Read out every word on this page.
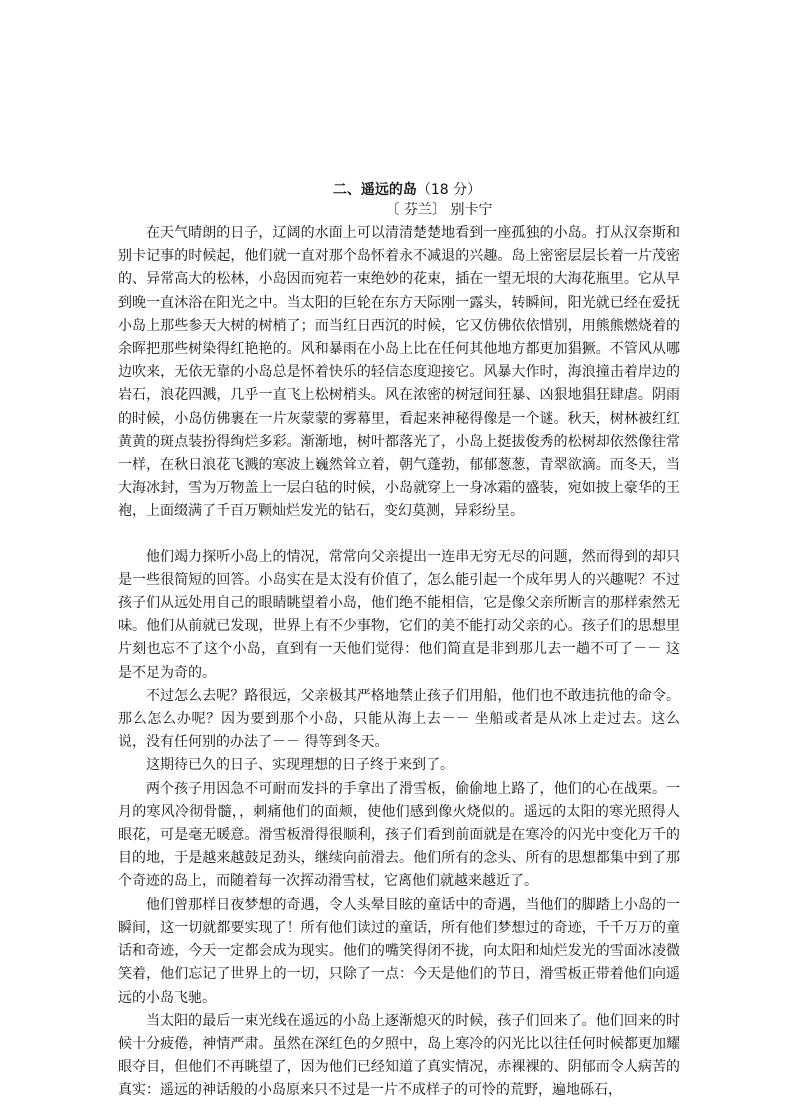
二、遥远的岛（18 分）
〔 芬兰〕 别卡宁

在天气晴朗的日子，辽阔的水面上可以清清楚楚地看到一座孤独的小岛。打从汉奈斯和别卡记事的时候起，他们就一直对那个岛怀着永不减退的兴趣。岛上密密层层长着一片茂密的、异常高大的松林，小岛因而宛若一束绝妙的花束，插在一望无垠的大海花瓶里。它从早到晚一直沐浴在阳光之中。当太阳的巨轮在东方天际刚一露头，转瞬间，阳光就已经在爱抚小岛上那些参天大树的树梢了；而当红日西沉的时候，它又仿佛依依惜别，用熊熊燃烧着的余晖把那些树染得红艳艳的。风和暴雨在小岛上比在任何其他地方都更加猖獗。不管风从哪边吹来，无依无靠的小岛总是怀着快乐的轻信态度迎接它。风暴大作时，海浪撞击着岸边的岩石，浪花四溅，几乎一直飞上松树梢头。风在浓密的树冠间狂暴、凶狠地猖狂肆虐。阴雨的时候，小岛仿佛裹在一片灰蒙蒙的雾幕里，看起来神秘得像是一个谜。秋天，树林被红红黄黄的斑点装扮得绚烂多彩。渐渐地，树叶都落光了，小岛上挺拔俊秀的松树却依然像往常一样，在秋日浪花飞溅的寒波上巍然耸立着，朝气蓬勃，郁郁葱葱，青翠欲滴。而冬天，当大海冰封，雪为万物盖上一层白毡的时候，小岛就穿上一身冰霜的盛装，宛如披上豪华的王袍，上面缀满了千百万颗灿烂发光的钻石，变幻莫测，异彩纷呈。

他们竭力探听小岛上的情况，常常向父亲提出一连串无穷无尽的问题，然而得到的却只是一些很简短的回答。小岛实在是太没有价值了，怎么能引起一个成年男人的兴趣呢？不过孩子们从远处用自己的眼睛眺望着小岛，他们绝不能相信，它是像父亲所断言的那样索然无味。他们从前就已发现，世界上有不少事物，它们的美不能打动父亲的心。孩子们的思想里片刻也忘不了这个小岛，直到有一天他们觉得：他们简直是非到那儿去一趟不可了－－ 这是不足为奇的。

不过怎么去呢？路很远，父亲极其严格地禁止孩子们用船，他们也不敢违抗他的命令。那么怎么办呢？因为要到那个小岛，只能从海上去－－ 坐船或者是从冰上走过去。这么说，没有任何别的办法了－－ 得等到冬天。

这期待已久的日子、实现理想的日子终于来到了。

两个孩子用因急不可耐而发抖的手拿出了滑雪板，偷偷地上路了，他们的心在战栗。一月的寒风冷彻骨髓，，刺痛他们的面颊，使他们感到像火烧似的。遥远的太阳的寒光照得人眼花，可是毫无暖意。滑雪板滑得很顺利，孩子们看到前面就是在寒冷的闪光中变化万千的目的地，于是越来越鼓足劲头，继续向前滑去。他们所有的念头、所有的思想都集中到了那个奇迹的岛上，而随着每一次挥动滑雪杖，它离他们就越来越近了。

他们曾那样日夜梦想的奇遇，令人头晕目眩的童话中的奇遇，当他们的脚踏上小岛的一瞬间，这一切就都要实现了！所有他们读过的童话，所有他们梦想过的奇迹，千千万万的童话和奇迹，今天一定都会成为现实。他们的嘴笑得闭不拢，向太阳和灿烂发光的雪面冰凌微笑着，他们忘记了世界上的一切，只除了一点：今天是他们的节日，滑雪板正带着他们向遥远的小岛飞驰。

当太阳的最后一束光线在遥远的小岛上逐渐熄灭的时候，孩子们回来了。他们回来的时候十分疲倦，神情严肃。虽然在深红色的夕照中，岛上寒冷的闪光比以往任何时候都更加耀眼夺目，但他们不再眺望了，因为他们已经知道了真实情况，赤裸裸的、阴郁而令人病苦的真实：遥远的神话般的小岛原来只不过是一片不成样子的可怜的荒野，遍地砾石，
